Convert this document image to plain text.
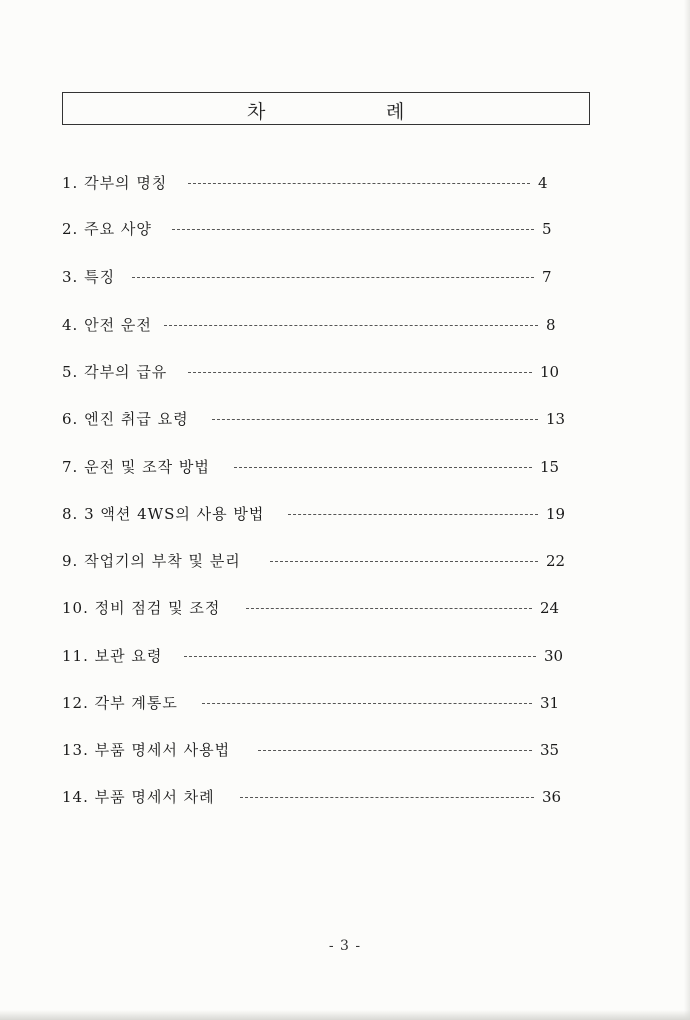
차	례
1. 각부의 명칭	4
2. 주요 사양	5
3. 특징	7
4. 안전 운전	8
5. 각부의 급유	10
6. 엔진 취급 요령	13
7. 운전 및 조작 방법	15
8. 3 액션 4WS의 사용 방법	19
9. 작업기의 부착 및 분리	22
10. 정비 점검 및 조정	24
11. 보관 요령	30
12. 각부 계통도	31
13. 부품 명세서 사용법	35
14. 부품 명세서 차례	36
- 3 -
